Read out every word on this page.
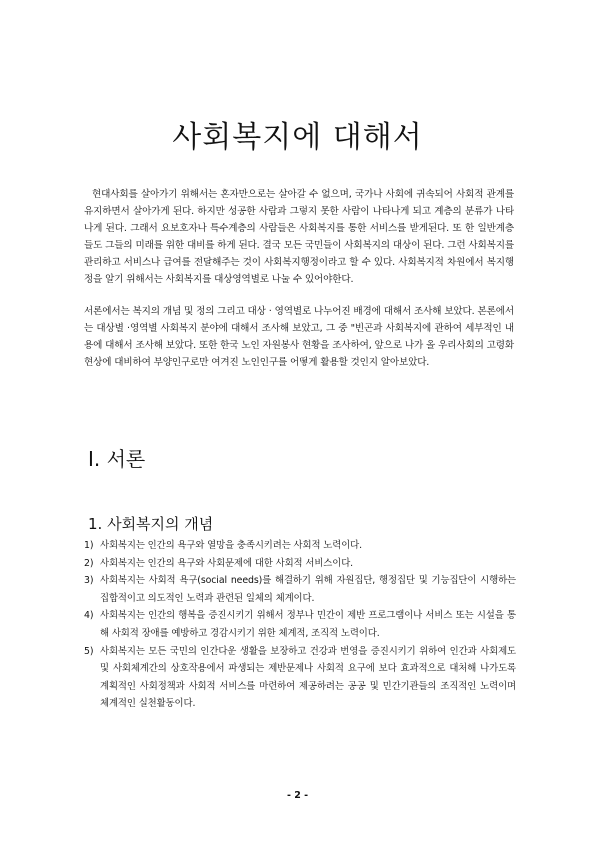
사회복지에 대해서

현대사회를 살아가기 위해서는 혼자만으로는 살아갈 수 없으며, 국가나 사회에 귀속되어 사회적 관계를 유지하면서 살아가게 된다. 하지만 성공한 사람과 그렇지 못한 사람이 나타나게 되고 계층의 분류가 나타나게 된다. 그래서 요보호자나 특수계층의 사람들은 사회복지를 통한 서비스를 받게된다. 또 한 일반계층들도 그들의 미래를 위한 대비를 하게 된다. 결국 모든 국민들이 사회복지의 대상이 된다. 그런 사회복지를 관리하고 서비스나 급여를 전달해주는 것이 사회복지행정이라고 할 수 있다. 사회복지적 차원에서 복지행정을 알기 위해서는 사회복지를 대상영역별로 나눌 수 있어야한다.

서론에서는 복지의 개념 및 정의 그리고 대상 · 영역별로 나누어진 배경에 대해서 조사해 보았다. 본론에서는 대상별 ·영역별 사회복지 분야에 대해서 조사해 보았고, 그 중 "빈곤과 사회복지에 관하여 세부적인 내용에 대해서 조사해 보았다. 또한 한국 노인 자원봉사 현황을 조사하여, 앞으로 나가 올 우리사회의 고령화 현상에 대비하여 부양인구로만 여겨진 노인인구를 어떻게 활용할 것인지 알아보았다.

Ⅰ. 서론
1. 사회복지의 개념
1) 사회복지는 인간의 욕구와 열망을 충족시키려는 사회적 노력이다.
2) 사회복지는 인간의 욕구와 사회문제에 대한 사회적 서비스이다.
3) 사회복지는 사회적 욕구(social needs)를 해결하기 위해 자원집단, 행정집단 및 기능집단이 시행하는 집합적이고 의도적인 노력과 관련된 일체의 체계이다.
4) 사회복지는 인간의 행복을 증진시키기 위해서 정부나 민간이 제반 프로그램이나 서비스 또는 시설을 통해 사회적 장애를 예방하고 경감시키기 위한 체계적, 조직적 노력이다.
5) 사회복지는 모든 국민의 인간다운 생활을 보장하고 건강과 번영을 증진시키기 위하여 인간과 사회제도 및 사회체계간의 상호작용에서 파생되는 제반문제나 사회적 요구에 보다 효과적으로 대처해 나가도록 계획적인 사회정책과 사회적 서비스를 마련하여 제공하려는 공공 및 민간기관들의 조직적인 노력이며 체계적인 실천활동이다.
- 2 -
